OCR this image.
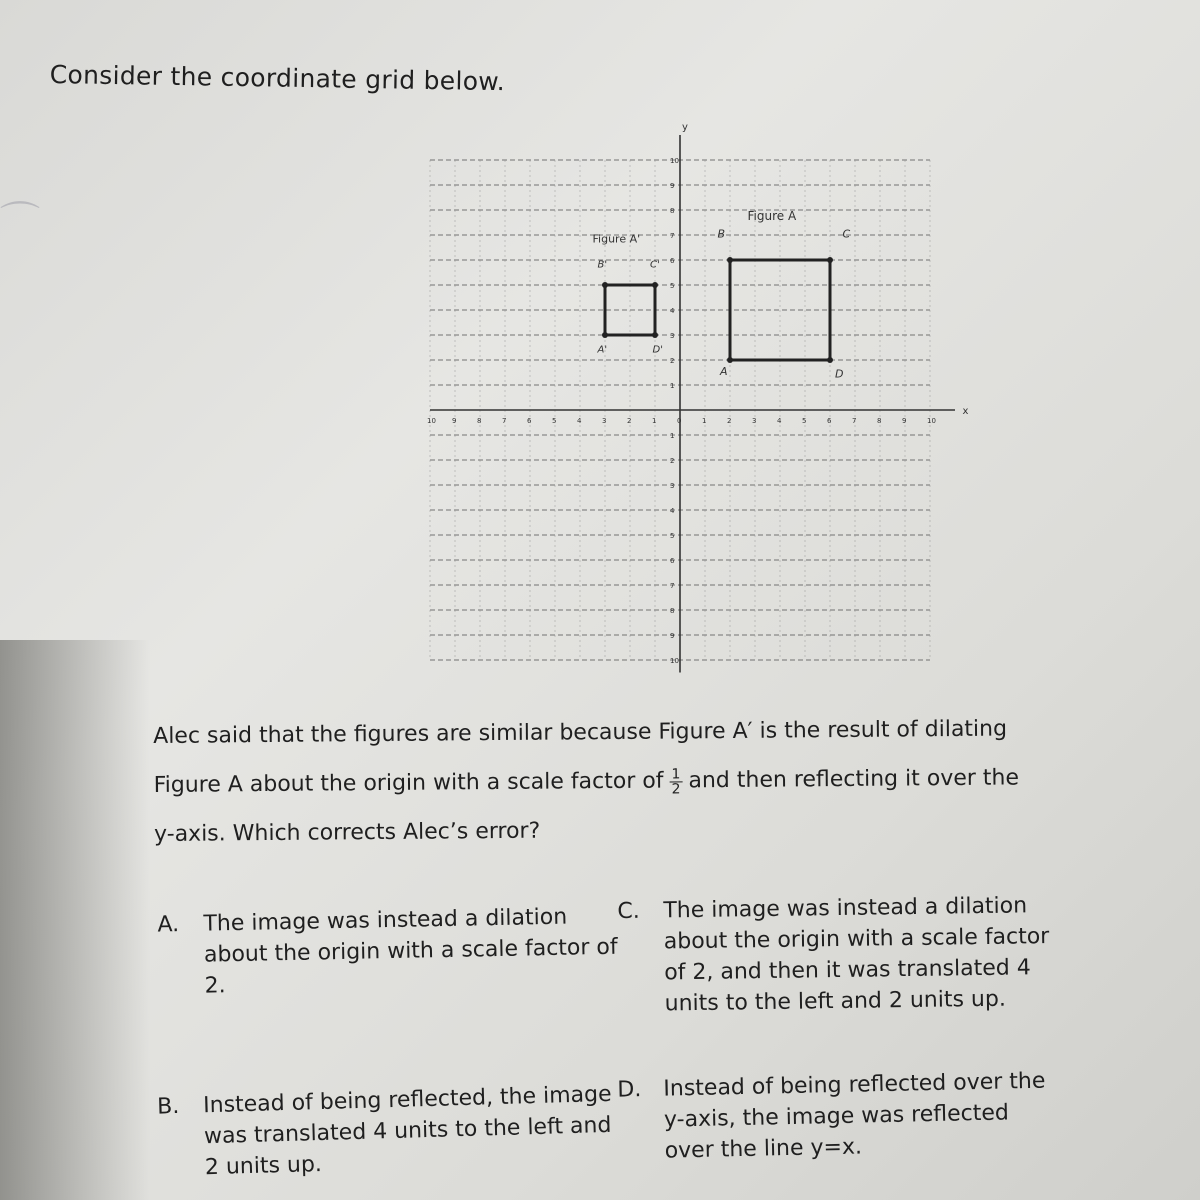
⌒
Consider the coordinate grid below.
x
y
10 9	8	7	6	5	4	3	2	1	0	1	2	3	4	5	6	7	8	9	10
10
9
8
7
6
5
4
3
2
1
1
2
3
4
5
6
7
8
9
10
Figure A
A
B	C
D
Figure A'
A'
B'	C'
D'
Alec said that the figures are similar because Figure A′ is the result of dilating
Figure A about the origin with a scale factor of $\frac{1}{2}$ and then reflecting it over the
y-axis. Which corrects Alec’s error?
A. The image was instead a dilation about the origin with a scale factor of 2.
C. The image was instead a dilation about the origin with a scale factor of 2, and then it was translated 4 units to the left and 2 units up.
B. Instead of being reflected, the image was translated 4 units to the left and 2 units up.
D. Instead of being reflected over the y-axis, the image was reflected over the line y=x.
